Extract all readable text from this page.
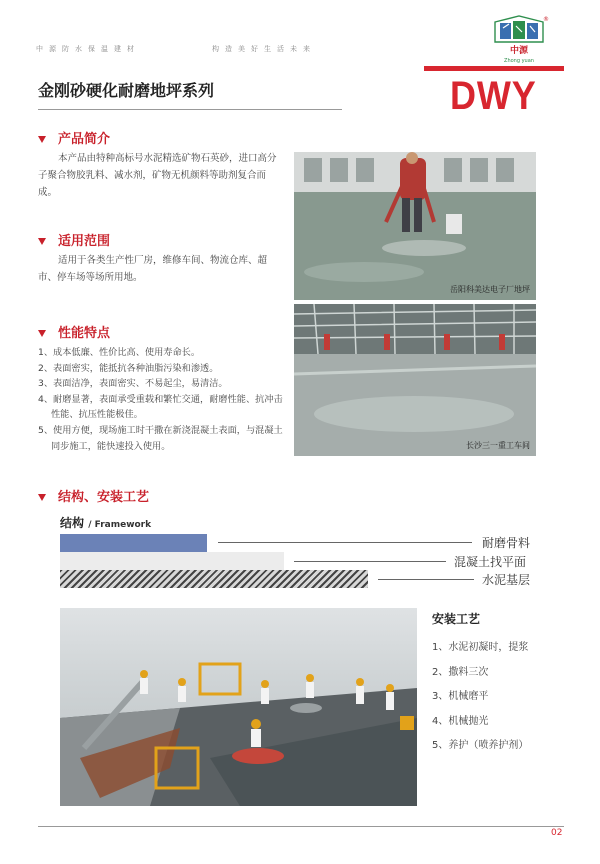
中源防水保温建材	构造美好生活未来
®
中源
Zhong yuan
金刚砂硬化耐磨地坪系列	DWY
产品简介

本产品由特种高标号水泥精选矿物石英砂，进口高分子聚合物胶乳料、减水剂，矿物无机颜料等助剂复合而成。

适用范围

适用于各类生产性厂房，维修车间、物流仓库、超市、停车场等场所用地。

性能特点
1、成本低廉、性价比高、使用寿命长。
2、表面密实，能抵抗各种油脂污染和渗透。
3、表面洁净，表面密实、不易起尘，易清洁。
4、耐磨显著，表面承受重载和繁忙交通，耐磨性能、抗冲击性能、抗压性能极佳。
5、使用方便，现场施工时干撒在新浇混凝土表面，与混凝土同步施工，能快速投入使用。
岳阳科美达电子厂地坪
长沙三一重工车间
结构、安装工艺
结构 / Framework
耐磨骨料
混凝土找平面
水泥基层
安装工艺
1、水泥初凝时，提浆
2、撒料三次
3、机械磨平
4、机械抛光
5、养护（喷养护剂）
02
